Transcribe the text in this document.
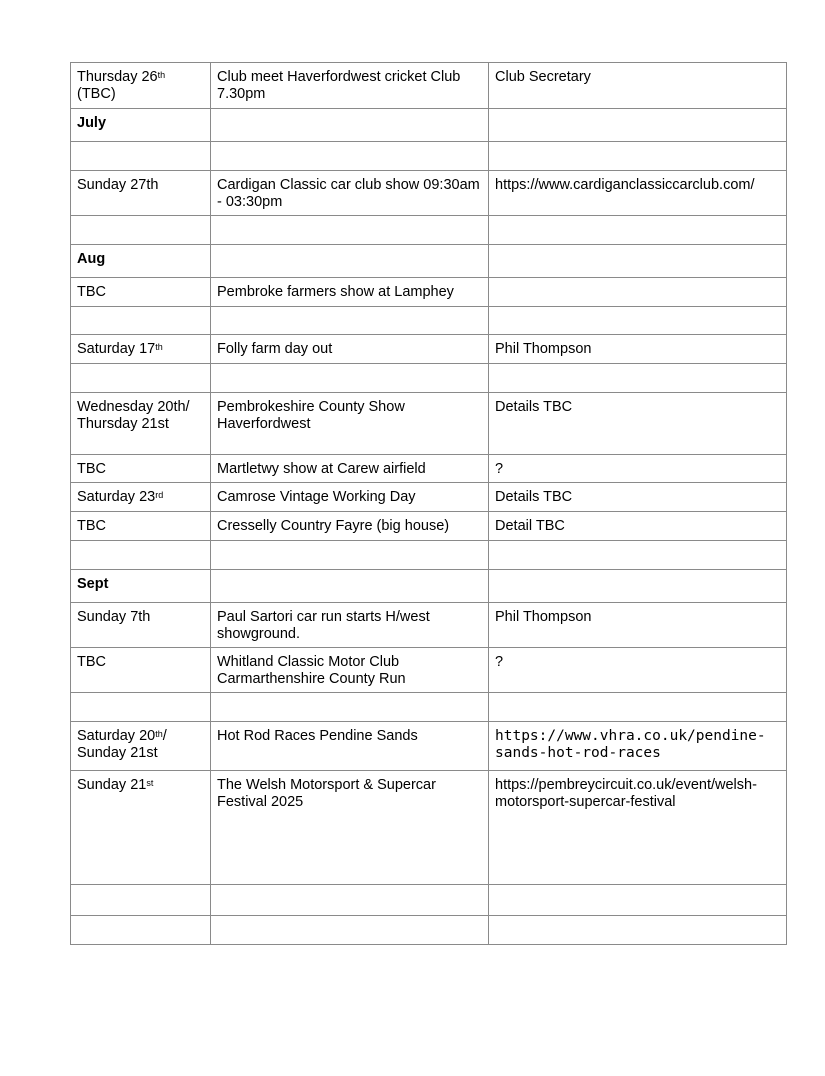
Thursday 26th (TBC)	Club meet Haverfordwest cricket Club 7.30pm	Club Secretary
July		

Sunday 27th	Cardigan Classic car club show 09:30am - 03:30pm	https://www.cardiganclassiccarclub.com/

Aug		
TBC	Pembroke farmers show at Lamphey	

Saturday 17th	Folly farm day out	Phil Thompson

Wednesday 20th/ Thursday 21st	Pembrokeshire County Show Haverfordwest	Details TBC
TBC	Martletwy show at Carew airfield	?
Saturday 23rd	Camrose Vintage Working Day	Details TBC
TBC	Cresselly Country Fayre (big house)	Detail TBC

Sept		
Sunday 7th	Paul Sartori car run starts H/west showground.	Phil Thompson
TBC	Whitland Classic Motor Club Carmarthenshire County Run	?

Saturday 20th/ Sunday 21st	Hot Rod Races Pendine Sands	https://www.vhra.co.uk/pendine-sands-hot-rod-races
Sunday 21st	The Welsh Motorsport & Supercar Festival 2025	https://pembreycircuit.co.uk/event/welsh-motorsport-supercar-festival
